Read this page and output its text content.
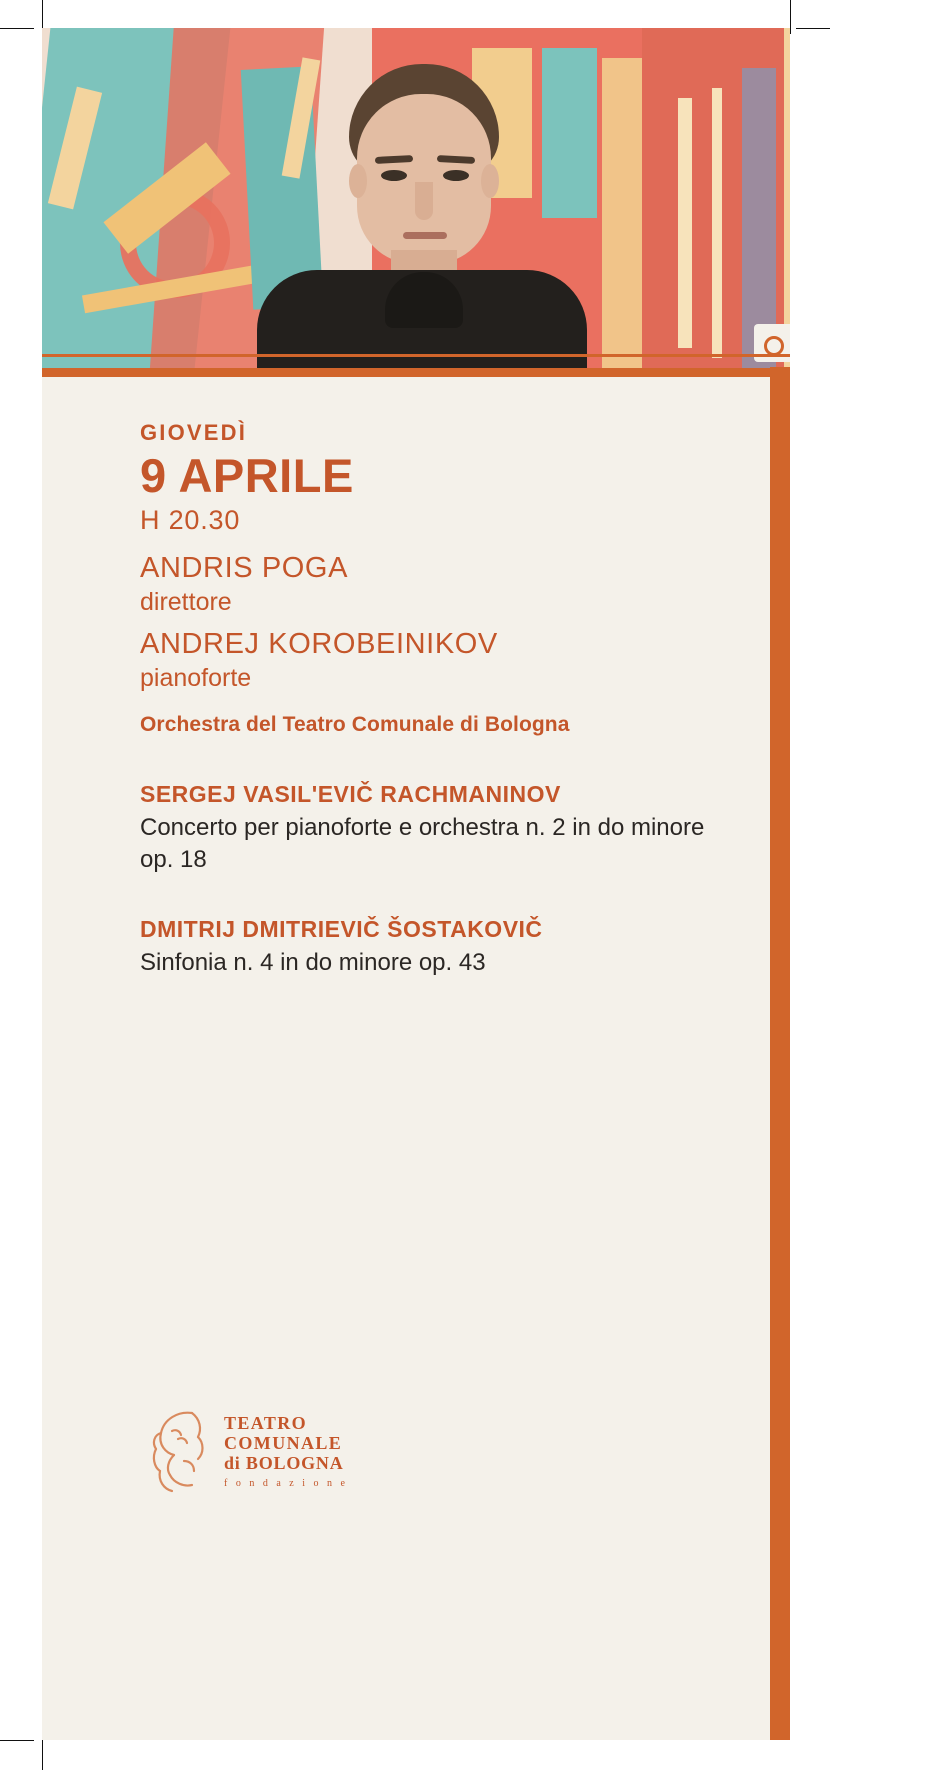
GIOVEDÌ

9 APRILE

H 20.30

ANDRIS POGA

direttore

ANDREJ KOROBEINIKOV

pianoforte

Orchestra del Teatro Comunale di Bologna

SERGEJ VASIL'EVIČ RACHMANINOV

Concerto per pianoforte e orchestra n. 2 in do minore op. 18

DMITRIJ DMITRIEVIČ ŠOSTAKOVIČ

Sinfonia n. 4 in do minore op. 43

TEATRO
COMUNALE
di BOLOGNA
f o n d a z i o n e
